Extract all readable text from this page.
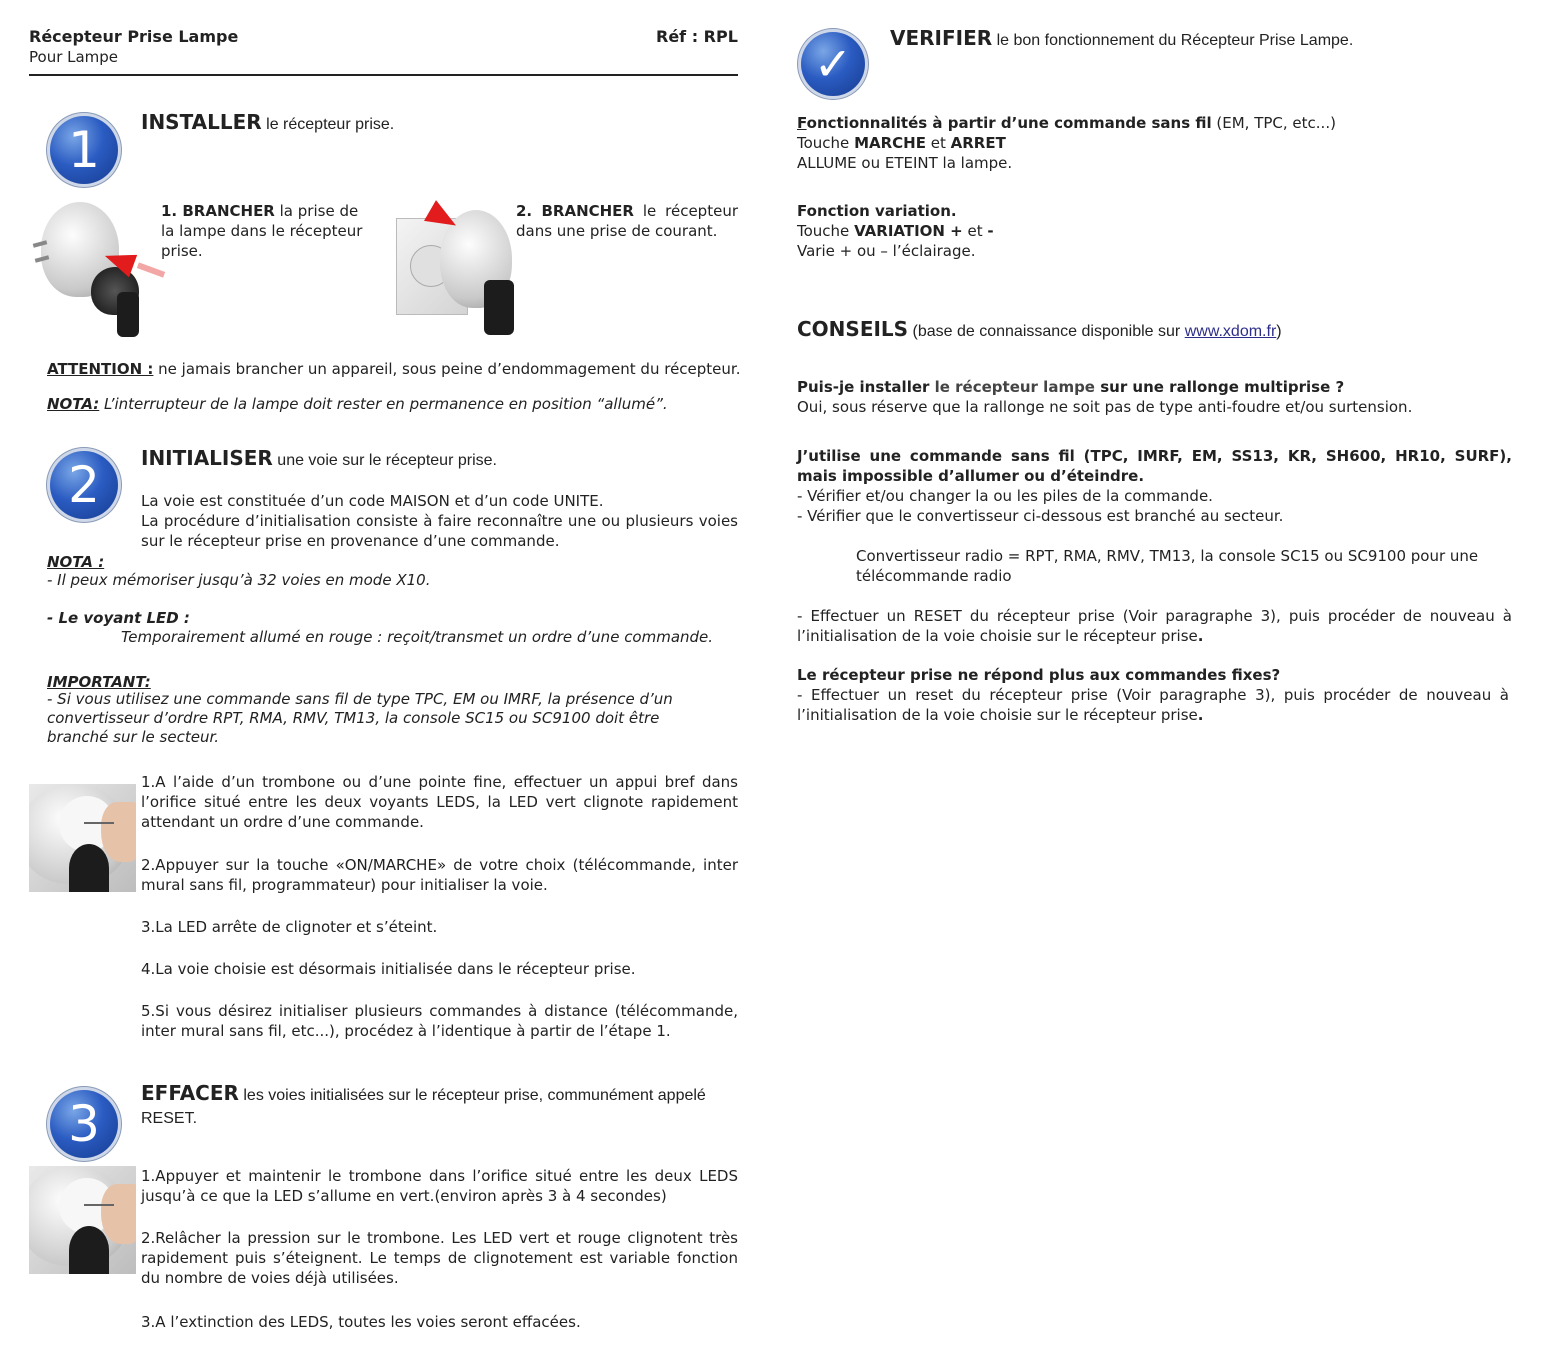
Récepteur Prise Lampe
Pour Lampe
Réf : RPL
1	INSTALLER le récepteur prise.
1. BRANCHER la prise de la lampe dans le récepteur prise.
2. BRANCHER le récepteur dans une prise de courant.
ATTENTION : ne jamais brancher un appareil, sous peine d’endommagement du récepteur.
NOTA: L’interrupteur de la lampe doit rester en permanence en position “allumé”.
2	INITIALISER une voie sur le récepteur prise.
La voie est constituée d’un code MAISON et d’un code UNITE.
La procédure d’initialisation consiste à faire reconnaître une ou plusieurs voies sur le récepteur prise en provenance d’une commande.
NOTA :
- Il peux mémoriser jusqu’à 32 voies en mode X10.
- Le voyant LED :
Temporairement allumé en rouge : reçoit/transmet un ordre d’une commande.
IMPORTANT:
- Si vous utilisez une commande sans fil de type TPC, EM ou IMRF, la présence d’un convertisseur d’ordre RPT, RMA, RMV, TM13, la console SC15 ou SC9100 doit être branché sur le secteur.
1.A l’aide d’un trombone ou d’une pointe fine, effectuer un appui bref dans l’orifice situé entre les deux voyants LEDS, la LED vert clignote rapidement attendant un ordre d’une commande.
2.Appuyer sur la touche «ON/MARCHE» de votre choix (télécommande, inter mural sans fil, programmateur) pour initialiser la voie.
3.La LED arrête de clignoter et s’éteint.
4.La voie choisie est désormais initialisée dans le récepteur prise.
5.Si vous désirez initialiser plusieurs commandes à distance (télécommande, inter mural sans fil, etc...), procédez à l’identique à partir de l’étape 1.
3
EFFACER les voies initialisées sur le récepteur prise, communément appelé RESET.
1.Appuyer et maintenir le trombone dans l’orifice situé entre les deux LEDS jusqu’à ce que la LED s’allume en vert.(environ après 3 à 4 secondes)
2.Relâcher la pression sur le trombone. Les LED vert et rouge clignotent très rapidement puis s’éteignent. Le temps de clignotement est variable fonction du nombre de voies déjà utilisées.
3.A l’extinction des LEDS, toutes les voies seront effacées.
✓	VERIFIER le bon fonctionnement du Récepteur Prise Lampe.
Fonctionnalités à partir d’une commande sans fil (EM, TPC, etc...)
Touche MARCHE et ARRET
ALLUME ou ETEINT la lampe.
Fonction variation.
Touche VARIATION + et -
Varie + ou – l’éclairage.
CONSEILS (base de connaissance disponible sur www.xdom.fr)
Puis-je installer le récepteur lampe sur une rallonge multiprise ?
Oui, sous réserve que la rallonge ne soit pas de type anti-foudre et/ou surtension.
J’utilise une commande sans fil (TPC, IMRF, EM, SS13, KR, SH600, HR10, SURF), mais impossible d’allumer ou d’éteindre.
- Vérifier et/ou changer la ou les piles de la commande.
- Vérifier que le convertisseur ci-dessous est branché au secteur.
Convertisseur radio = RPT, RMA, RMV, TM13, la console SC15 ou SC9100 pour une télécommande radio
- Effectuer un RESET du récepteur prise (Voir paragraphe 3), puis procéder de nouveau à l’initialisation de la voie choisie sur le récepteur prise.
Le récepteur prise ne répond plus aux commandes fixes?
- Effectuer un reset du récepteur prise (Voir paragraphe 3), puis procéder de nouveau à l’initialisation de la voie choisie sur le récepteur prise.
